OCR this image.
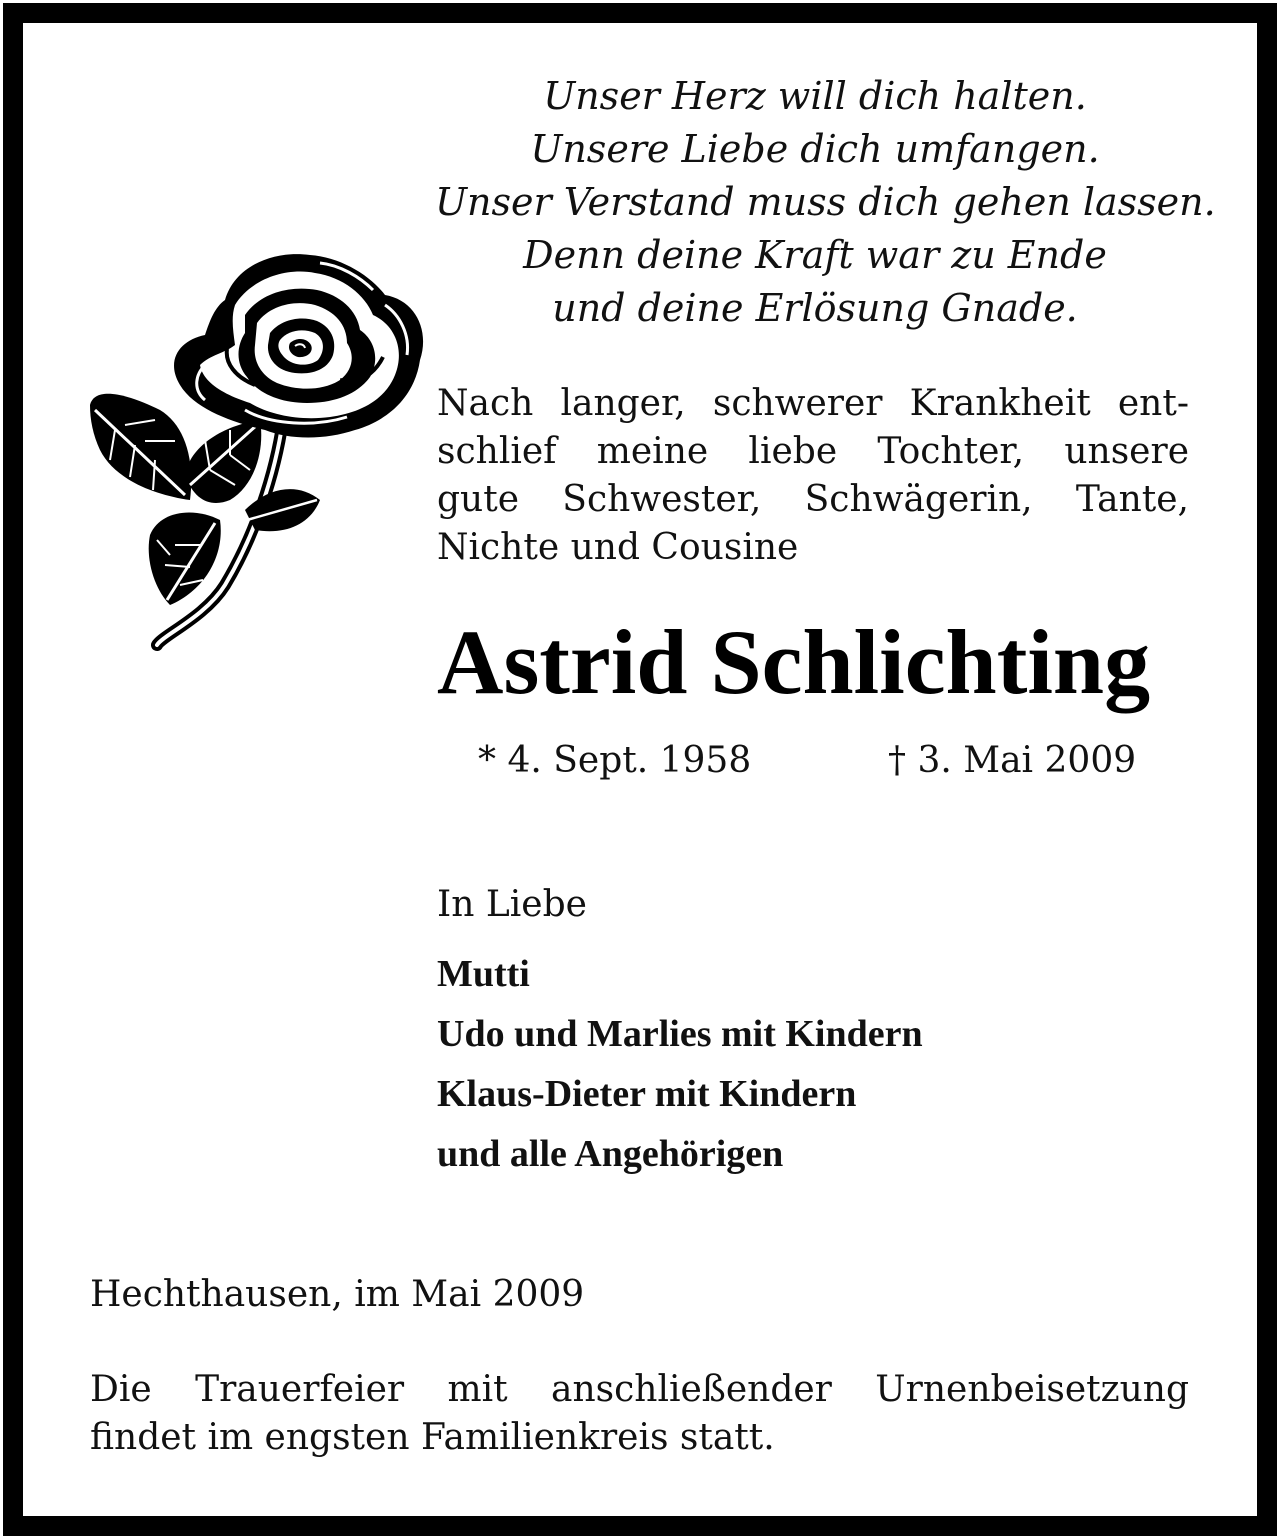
Unser Herz will dich halten.
Unsere Liebe dich umfangen.
Unser Verstand muss dich gehen lassen.
Denn deine Kraft war zu Ende
und deine Erlösung Gnade.
Nach langer, schwerer Krankheit ent-
schlief meine liebe Tochter, unsere
gute Schwester, Schwägerin, Tante,
Nichte und Cousine
Astrid Schlichting
* 4. Sept. 1958	† 3. Mai 2009
In Liebe
Mutti
Udo und Marlies mit Kindern
Klaus-Dieter mit Kindern
und alle Angehörigen
Hechthausen, im Mai 2009
Die Trauerfeier mit anschließender Urnenbeisetzung
findet im engsten Familienkreis statt.
